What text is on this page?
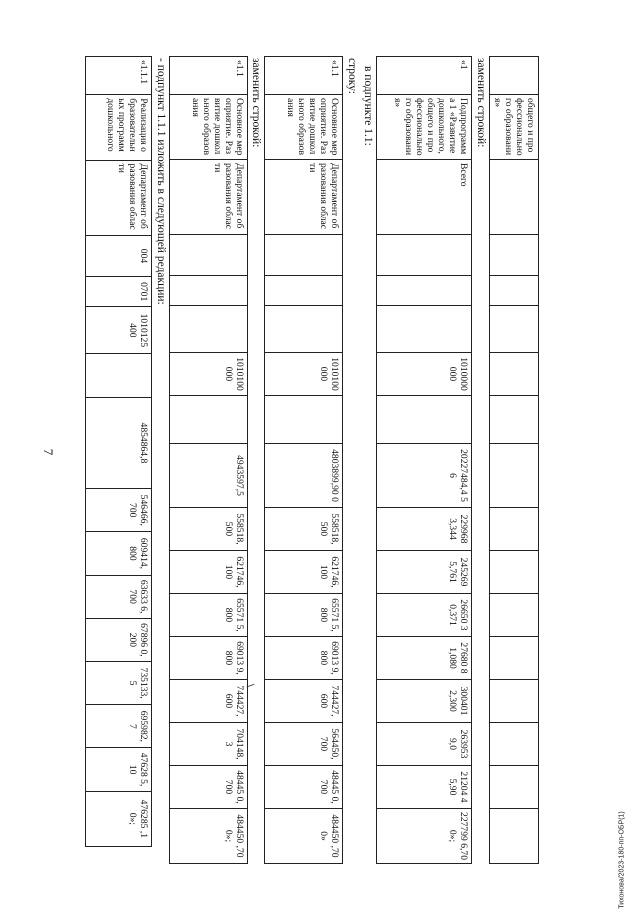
7
Тихонова/2023-180-пп-ОБР(1)
	общего и профессионального образования»															
заменить строкой:
«1	Подпрограмма 1 «Развитие дошкольного, общего и профессионального образования»	Всего				1010000 000		20227484,4 56	229968 3,344	245269 5,761	26650 30,371	27680 81,080	300401 2,300	263953 9,0	21204 45,90	227799 6,700»;
в подпункте 1.1:
строку:
«1.1	Основное мероприятие. Развитие дошкольного образования	Департамент образования области				1010100 000		4803899,90 0	558518, 500	621746, 100	65571 5,800	69013 9,800	744427, 600	564450, 700	48445 0,700	484450 ,700»
заменить строкой:
«1.1	Основное мероприятие. Развитие дошкольного образования	Департамент образования области				1010100 000		4943597,5	558518, 500	621746, 100	65571 5,800	69013 9,800	744427, 600	704148, 3	48445 0,700	484450 ,700»;
- подпункт 1.1.1 изложить в следующей редакции:
«1.1.1	Реализация образовательных программ дошкольного	Департамент образования области	004	0701	1010125 400		4854864,8	546466, 700	609414, 800	63633 6,700	67896 0,200	735133, 5	695982, 7	47628 5,10	476285 ,10»;
